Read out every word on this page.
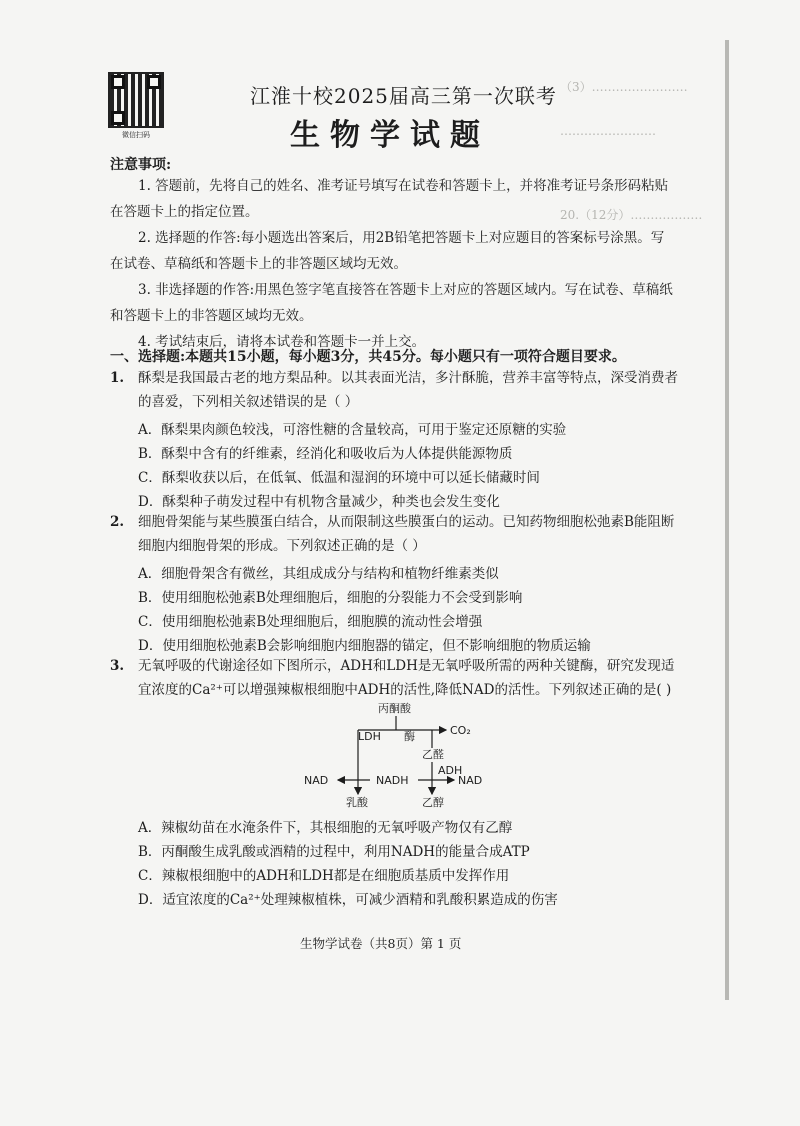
（3）……………………
……………………
20.（12分）………………
微信扫码
江淮十校2025届高三第一次联考
生物学试题
注意事项:
1. 答题前，先将自己的姓名、准考证号填写在试卷和答题卡上，并将准考证号条形码粘贴
在答题卡上的指定位置。
2. 选择题的作答:每小题选出答案后，用2B铅笔把答题卡上对应题目的答案标号涂黑。写
在试卷、草稿纸和答题卡上的非答题区域均无效。
3. 非选择题的作答:用黑色签字笔直接答在答题卡上对应的答题区域内。写在试卷、草稿纸
和答题卡上的非答题区域均无效。
4. 考试结束后，请将本试卷和答题卡一并上交。
一、选择题:本题共15小题，每小题3分，共45分。每小题只有一项符合题目要求。
1. 酥梨是我国最古老的地方梨品种。以其表面光洁，多汁酥脆，营养丰富等特点，深受消费者
的喜爱，下列相关叙述错误的是（ ）
A．酥梨果肉颜色较浅，可溶性糖的含量较高，可用于鉴定还原糖的实验
B．酥梨中含有的纤维素，经消化和吸收后为人体提供能源物质
C．酥梨收获以后，在低氧、低温和湿润的环境中可以延长储藏时间
D．酥梨种子萌发过程中有机物含量减少，种类也会发生变化
2. 细胞骨架能与某些膜蛋白结合，从而限制这些膜蛋白的运动。已知药物细胞松弛素B能阻断
细胞内细胞骨架的形成。下列叙述正确的是（ ）
A．细胞骨架含有微丝，其组成成分与结构和植物纤维素类似
B．使用细胞松弛素B处理细胞后，细胞的分裂能力不会受到影响
C．使用细胞松弛素B处理细胞后，细胞膜的流动性会增强
D．使用细胞松弛素B会影响细胞内细胞器的锚定，但不影响细胞的物质运输
3. 无氧呼吸的代谢途径如下图所示，ADH和LDH是无氧呼吸所需的两种关键酶，研究发现适
宜浓度的Ca²⁺可以增强辣椒根细胞中ADH的活性,降低NAD的活性。下列叙述正确的是( )
丙酮酸
LDH 酶	CO₂
乙醛
ADH
NAD	NADH	NAD
乳酸	乙醇
A．辣椒幼苗在水淹条件下，其根细胞的无氧呼吸产物仅有乙醇
B．丙酮酸生成乳酸或酒精的过程中，利用NADH的能量合成ATP
C．辣椒根细胞中的ADH和LDH都是在细胞质基质中发挥作用
D．适宜浓度的Ca²⁺处理辣椒植株，可减少酒精和乳酸积累造成的伤害
生物学试卷（共8页）第 1 页
